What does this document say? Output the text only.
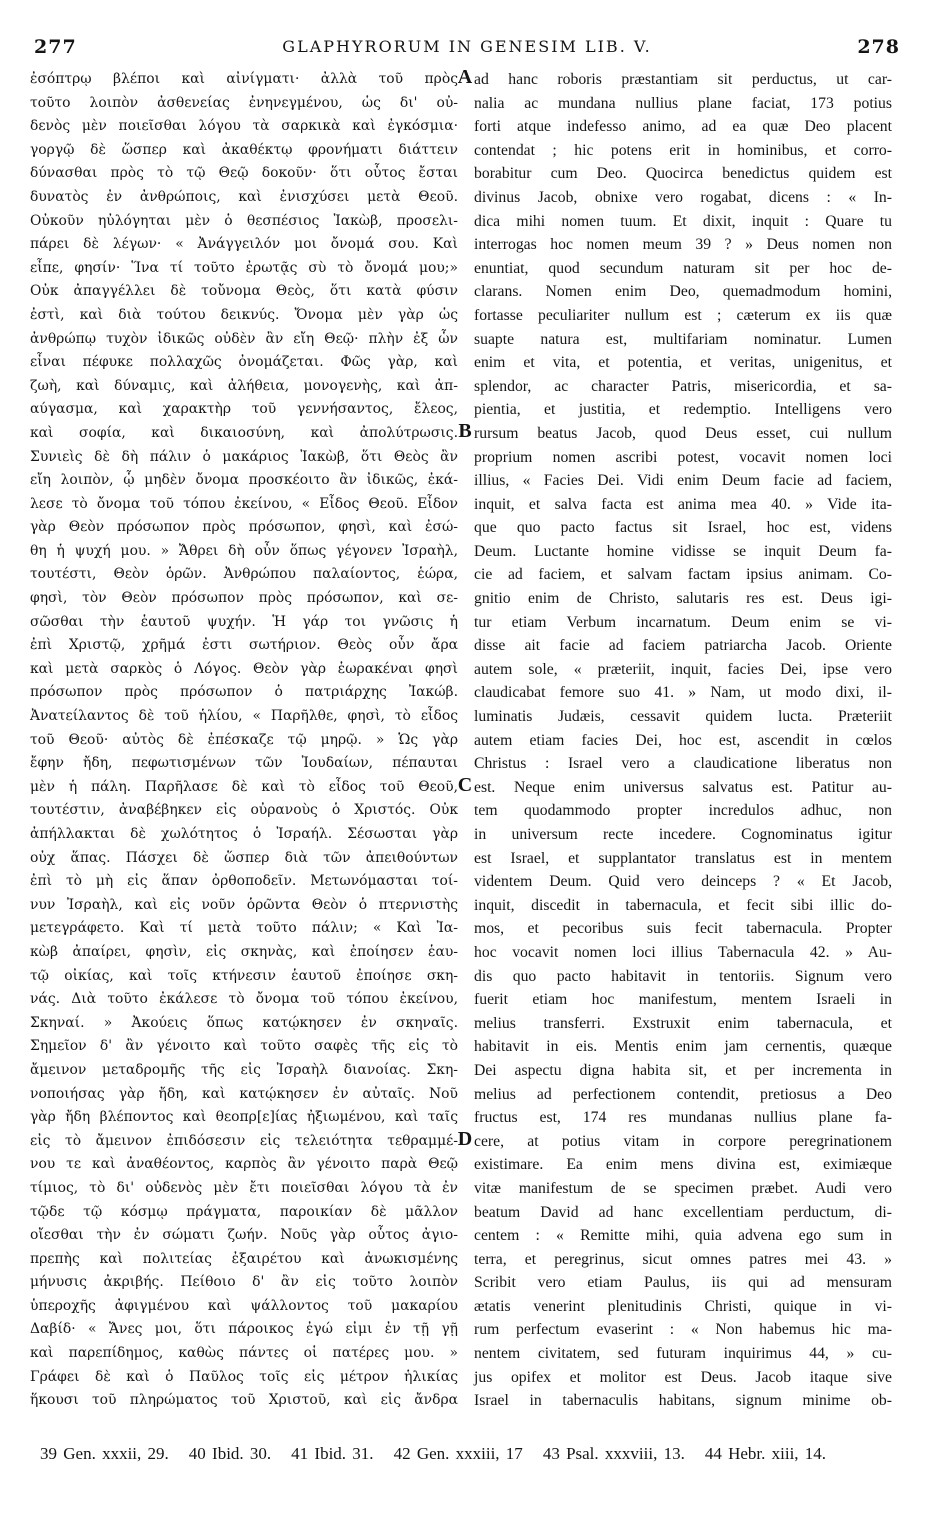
277	GLAPHYRORUM IN GENESIM LIB. V.	278
ἐσόπτρῳ βλέποι καὶ αἰνίγματι· ἀλλὰ τοῦ πρὸς
τοῦτο λοιπὸν ἀσθενείας ἐνηνεγμένου, ὡς δι' οὐ-
δενὸς μὲν ποιεῖσθαι λόγου τὰ σαρκικὰ καὶ ἐγκόσμια·
γοργῷ δὲ ὥσπερ καὶ ἀκαθέκτῳ φρονήματι διάττειν
δύνασθαι πρὸς τὸ τῷ Θεῷ δοκοῦν· ὅτι οὗτος ἔσται
δυνατὸς ἐν ἀνθρώποις, καὶ ἐνισχύσει μετὰ Θεοῦ.
Οὐκοῦν ηὐλόγηται μὲν ὁ θεσπέσιος Ἰακὼβ, προσελι-
πάρει δὲ λέγων· « Ἀνάγγειλόν μοι ὄνομά σου. Καὶ
εἶπε, φησίν· Ἵνα τί τοῦτο ἐρωτᾷς σὺ τὸ ὄνομά μου;»
Οὐκ ἀπαγγέλλει δὲ τοὔνομα Θεὸς, ὅτι κατὰ φύσιν
ἐστὶ, καὶ διὰ τούτου δεικνύς. Ὄνομα μὲν γὰρ ὡς
ἀνθρώπῳ τυχὸν ἰδικῶς οὐδὲν ἂν εἴη Θεῷ· πλὴν ἐξ ὧν
εἶναι πέφυκε πολλαχῶς ὀνομάζεται. Φῶς γὰρ, καὶ
ζωὴ, καὶ δύναμις, καὶ ἀλήθεια, μονογενὴς, καὶ ἀπ-
αύγασμα, καὶ χαρακτὴρ τοῦ γεννήσαντος, ἔλεος,
καὶ σοφία, καὶ δικαιοσύνη, καὶ ἀπολύτρωσις.
Συνιεὶς δὲ δὴ πάλιν ὁ μακάριος Ἰακὼβ, ὅτι Θεὸς ἂν
εἴη λοιπὸν, ᾧ μηδὲν ὄνομα προσκέοιτο ἂν ἰδικῶς, ἐκά-
λεσε τὸ ὄνομα τοῦ τόπου ἐκείνου, « Εἶδος Θεοῦ. Εἶδον
γὰρ Θεὸν πρόσωπον πρὸς πρόσωπον, φησὶ, καὶ ἐσώ-
θη ἡ ψυχή μου. » Ἄθρει δὴ οὖν ὅπως γέγονεν Ἰσραὴλ,
τουτέστι, Θεὸν ὁρῶν. Ἀνθρώπου παλαίοντος, ἑώρα,
φησὶ, τὸν Θεὸν πρόσωπον πρὸς πρόσωπον, καὶ σε-
σῶσθαι τὴν ἑαυτοῦ ψυχήν. Ἡ γάρ τοι γνῶσις ἡ
ἐπὶ Χριστῷ, χρῆμά ἐστι σωτήριον. Θεὸς οὖν ἄρα
καὶ μετὰ σαρκὸς ὁ Λόγος. Θεὸν γὰρ ἑωρακέναι φησὶ
πρόσωπον πρὸς πρόσωπον ὁ πατριάρχης Ἰακώβ.
Ἀνατείλαντος δὲ τοῦ ἡλίου, « Παρῆλθε, φησὶ, τὸ εἶδος
τοῦ Θεοῦ· αὐτὸς δὲ ἐπέσκαζε τῷ μηρῷ. » Ὡς γὰρ
ἔφην ἤδη, πεφωτισμένων τῶν Ἰουδαίων, πέπαυται
μὲν ἡ πάλη. Παρῆλασε δὲ καὶ τὸ εἶδος τοῦ Θεοῦ,
τουτέστιν, ἀναβέβηκεν εἰς οὐρανοὺς ὁ Χριστός. Οὐκ
ἀπήλλακται δὲ χωλότητος ὁ Ἰσραήλ. Σέσωσται γὰρ
οὐχ ἅπας. Πάσχει δὲ ὥσπερ διὰ τῶν ἀπειθούντων
ἐπὶ τὸ μὴ εἰς ἅπαν ὀρθοποδεῖν. Μετωνόμασται τοί-
νυν Ἰσραὴλ, καὶ εἰς νοῦν ὁρῶντα Θεὸν ὁ πτερνιστὴς
μετεγράφετο. Καὶ τί μετὰ τοῦτο πάλιν; « Καὶ Ἰα-
κὼβ ἀπαίρει, φησὶν, εἰς σκηνὰς, καὶ ἐποίησεν ἑαυ-
τῷ οἰκίας, καὶ τοῖς κτήνεσιν ἑαυτοῦ ἐποίησε σκη-
νάς. Διὰ τοῦτο ἐκάλεσε τὸ ὄνομα τοῦ τόπου ἐκείνου,
Σκηναί. » Ἀκούεις ὅπως κατῴκησεν ἐν σκηναῖς.
Σημεῖον δ' ἂν γένοιτο καὶ τοῦτο σαφὲς τῆς εἰς τὸ
ἄμεινον μεταδρομῆς τῆς εἰς Ἰσραὴλ διανοίας. Σκη-
νοποιήσας γὰρ ἤδη, καὶ κατῴκησεν ἐν αὐταῖς. Νοῦ
γὰρ ἤδη βλέποντος καὶ θεοπρ[ε]ίας ἠξιωμένου, καὶ ταῖς
εἰς τὸ ἄμεινον ἐπιδόσεσιν εἰς τελειότητα τεθραμμέ-
νου τε καὶ ἀναθέοντος, καρπὸς ἂν γένοιτο παρὰ Θεῷ
τίμιος, τὸ δι' οὐδενὸς μὲν ἔτι ποιεῖσθαι λόγου τὰ ἐν
τῷδε τῷ κόσμῳ πράγματα, παροικίαν δὲ μᾶλλον
οἴεσθαι τὴν ἐν σώματι ζωήν. Νοῦς γὰρ οὗτος ἀγιο-
πρεπὴς καὶ πολιτείας ἐξαιρέτου καὶ ἀνωκισμένης
μήνυσις ἀκριβής. Πείθοιο δ' ἂν εἰς τοῦτο λοιπὸν
ὑπεροχῆς ἀφιγμένου καὶ ψάλλοντος τοῦ μακαρίου
Δαβίδ· « Ἄνες μοι, ὅτι πάροικος ἐγώ εἰμι ἐν τῇ γῇ
καὶ παρεπίδημος, καθὼς πάντες οἱ πατέρες μου. »
Γράφει δὲ καὶ ὁ Παῦλος τοῖς εἰς μέτρον ἡλικίας
ἥκουσι τοῦ πληρώματος τοῦ Χριστοῦ, καὶ εἰς ἄνδρα
A
B
C
D
ad hanc roboris præstantiam sit perductus, ut car-
nalia ac mundana nullius plane faciat, 173 potius
forti atque indefesso animo, ad ea quæ Deo placent
contendat ; hic potens erit in hominibus, et corro-
borabitur cum Deo. Quocirca benedictus quidem est
divinus Jacob, obnixe vero rogabat, dicens : « In-
dica mihi nomen tuum. Et dixit, inquit : Quare tu
interrogas hoc nomen meum 39 ? » Deus nomen non
enuntiat, quod secundum naturam sit per hoc de-
clarans. Nomen enim Deo, quemadmodum homini,
fortasse peculiariter nullum est ; cæterum ex iis quæ
suapte natura est, multifariam nominatur. Lumen
enim et vita, et potentia, et veritas, unigenitus, et
splendor, ac character Patris, misericordia, et sa-
pientia, et justitia, et redemptio. Intelligens vero
rursum beatus Jacob, quod Deus esset, cui nullum
proprium nomen ascribi potest, vocavit nomen loci
illius, « Facies Dei. Vidi enim Deum facie ad faciem,
inquit, et salva facta est anima mea 40. » Vide ita-
que quo pacto factus sit Israel, hoc est, videns
Deum. Luctante homine vidisse se inquit Deum fa-
cie ad faciem, et salvam factam ipsius animam. Co-
gnitio enim de Christo, salutaris res est. Deus igi-
tur etiam Verbum incarnatum. Deum enim se vi-
disse ait facie ad faciem patriarcha Jacob. Oriente
autem sole, « præteriit, inquit, facies Dei, ipse vero
claudicabat femore suo 41. » Nam, ut modo dixi, il-
luminatis Judæis, cessavit quidem lucta. Præteriit
autem etiam facies Dei, hoc est, ascendit in cœlos
Christus : Israel vero a claudicatione liberatus non
est. Neque enim universus salvatus est. Patitur au-
tem quodammodo propter incredulos adhuc, non
in universum recte incedere. Cognominatus igitur
est Israel, et supplantator translatus est in mentem
videntem Deum. Quid vero deinceps ? « Et Jacob,
inquit, discedit in tabernacula, et fecit sibi illic do-
mos, et pecoribus suis fecit tabernacula. Propter
hoc vocavit nomen loci illius Tabernacula 42. » Au-
dis quo pacto habitavit in tentoriis. Signum vero
fuerit etiam hoc manifestum, mentem Israeli in
melius transferri. Exstruxit enim tabernacula, et
habitavit in eis. Mentis enim jam cernentis, quæque
Dei aspectu digna habita sit, et per incrementa in
melius ad perfectionem contendit, pretiosus a Deo
fructus est, 174 res mundanas nullius plane fa-
cere, at potius vitam in corpore peregrinationem
existimare. Ea enim mens divina est, eximiæque
vitæ manifestum de se specimen præbet. Audi vero
beatum David ad hanc excellentiam perductum, di-
centem : « Remitte mihi, quia advena ego sum in
terra, et peregrinus, sicut omnes patres mei 43. »
Scribit vero etiam Paulus, iis qui ad mensuram
ætatis venerint plenitudinis Christi, quique in vi-
rum perfectum evaserint : « Non habemus hic ma-
nentem civitatem, sed futuram inquirimus 44, » cu-
jus opifex et molitor est Deus. Jacob itaque sive
Israel in tabernaculis habitans, signum minime ob-
39 Gen. xxxii, 29. 40 Ibid. 30. 41 Ibid. 31. 42 Gen. xxxiii, 17 43 Psal. xxxviii, 13. 44 Hebr. xiii, 14.
